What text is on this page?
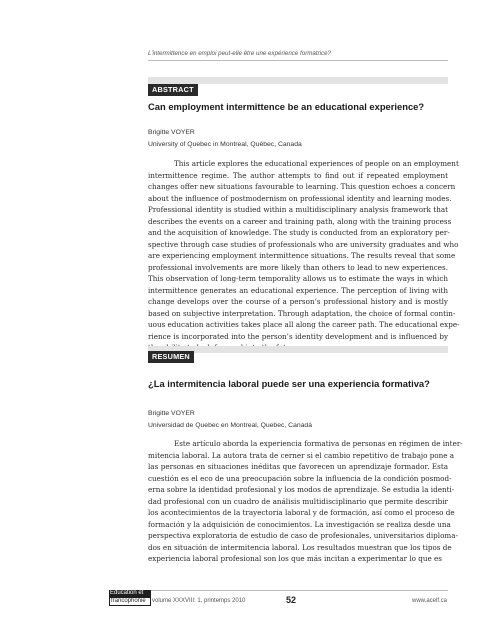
L’intermittence en emploi peut-elle être une expérience formatrice?
ABSTRACT
Can employment intermittence be an educational experience?
Brigitte VOYER
University of Quebec in Montreal, Québec, Canada
This article explores the educational experiences of people on an employment
intermittence regime. The author attempts to find out if repeated employment
changes offer new situations favourable to learning. This question echoes a concern
about the influence of postmodernism on professional identity and learning modes.
Professional identity is studied within a multidisciplinary analysis framework that
describes the events on a career and training path, along with the training process
and the acquisition of knowledge. The study is conducted from an exploratory per-
spective through case studies of professionals who are university graduates and who
are experiencing employment intermittence situations. The results reveal that some
professional involvements are more likely than others to lead to new experiences.
This observation of long-term temporality allows us to estimate the ways in which
intermittence generates an educational experience. The perception of living with
change develops over the course of a person’s professional history and is mostly
based on subjective interpretation. Through adaptation, the choice of formal contin-
uous education activities takes place all along the career path. The educational expe-
rience is incorporated into the person’s identity development and is influenced by
RESUMEN
¿La intermitencia laboral puede ser una experiencia formativa?
Brigitte VOYER
Universidad de Quebec en Montreal, Quebec, Canadá
Este artículo aborda la experiencia formativa de personas en régimen de inter-
mitencia laboral. La autora trata de cerner si el cambio repetitivo de trabajo pone a
las personas en situaciones inéditas que favorecen un aprendizaje formador. Esta
cuestión es el eco de una preocupación sobre la influencia de la condición posmod-
erna sobre la identidad profesional y los modos de aprendizaje. Se estudia la identi-
dad profesional con un cuadro de análisis multidisciplinario que permite describir
los acontecimientos de la trayectoria laboral y de formación, así como el proceso de
formación y la adquisición de conocimientos. La investigación se realiza desde una
perspectiva exploratoria de estudio de caso de profesionales, universitarios diploma-
dos en situación de intermitencia laboral. Los resultados muestran que los tipos de
experiencia laboral profesional son los que más incitan a experimentar lo que es
Éducation et
francophonie	volume XXXVIII: 1, printemps 2010	52	www.acelf.ca
